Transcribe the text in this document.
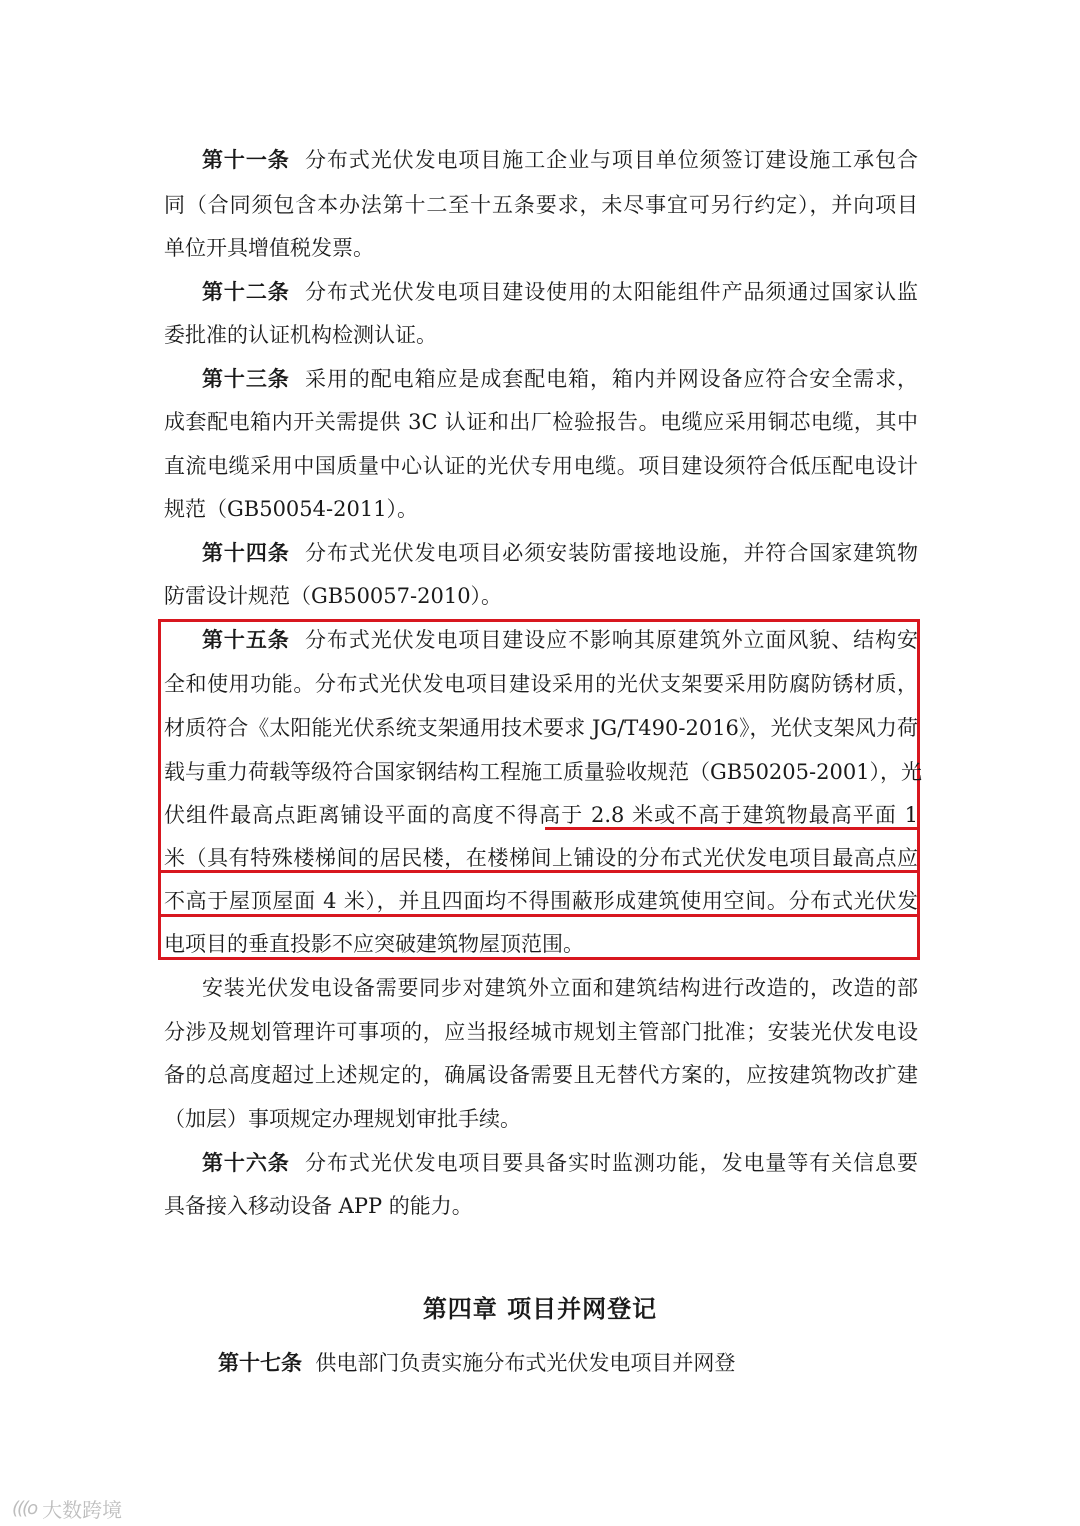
第十一条 分布式光伏发电项目施工企业与项目单位须签订建设施工承包合
同（合同须包含本办法第十二至十五条要求，未尽事宜可另行约定），并向项目
单位开具增值税发票。
第十二条 分布式光伏发电项目建设使用的太阳能组件产品须通过国家认监
委批准的认证机构检测认证。
第十三条 采用的配电箱应是成套配电箱，箱内并网设备应符合安全需求，
成套配电箱内开关需提供 3C 认证和出厂检验报告。电缆应采用铜芯电缆，其中
直流电缆采用中国质量中心认证的光伏专用电缆。项目建设须符合低压配电设计
规范（GB50054-2011）。
第十四条 分布式光伏发电项目必须安装防雷接地设施，并符合国家建筑物
防雷设计规范（GB50057-2010）。
第十五条 分布式光伏发电项目建设应不影响其原建筑外立面风貌、结构安
全和使用功能。分布式光伏发电项目建设采用的光伏支架要采用防腐防锈材质，
材质符合《太阳能光伏系统支架通用技术要求 JG/T490-2016》，光伏支架风力荷
载与重力荷载等级符合国家钢结构工程施工质量验收规范（GB50205-2001），光
伏组件最高点距离铺设平面的高度不得高于 2.8 米或不高于建筑物最高平面 1
米（具有特殊楼梯间的居民楼，在楼梯间上铺设的分布式光伏发电项目最高点应
不高于屋顶屋面 4 米），并且四面均不得围蔽形成建筑使用空间。分布式光伏发
电项目的垂直投影不应突破建筑物屋顶范围。
安装光伏发电设备需要同步对建筑外立面和建筑结构进行改造的，改造的部
分涉及规划管理许可事项的，应当报经城市规划主管部门批准；安装光伏发电设
备的总高度超过上述规定的，确属设备需要且无替代方案的，应按建筑物改扩建
（加层）事项规定办理规划审批手续。
第十六条 分布式光伏发电项目要具备实时监测功能，发电量等有关信息要
具备接入移动设备 APP 的能力。
第四章 项目并网登记
第十七条 供电部门负责实施分布式光伏发电项目并网登
(((o 大数跨境
